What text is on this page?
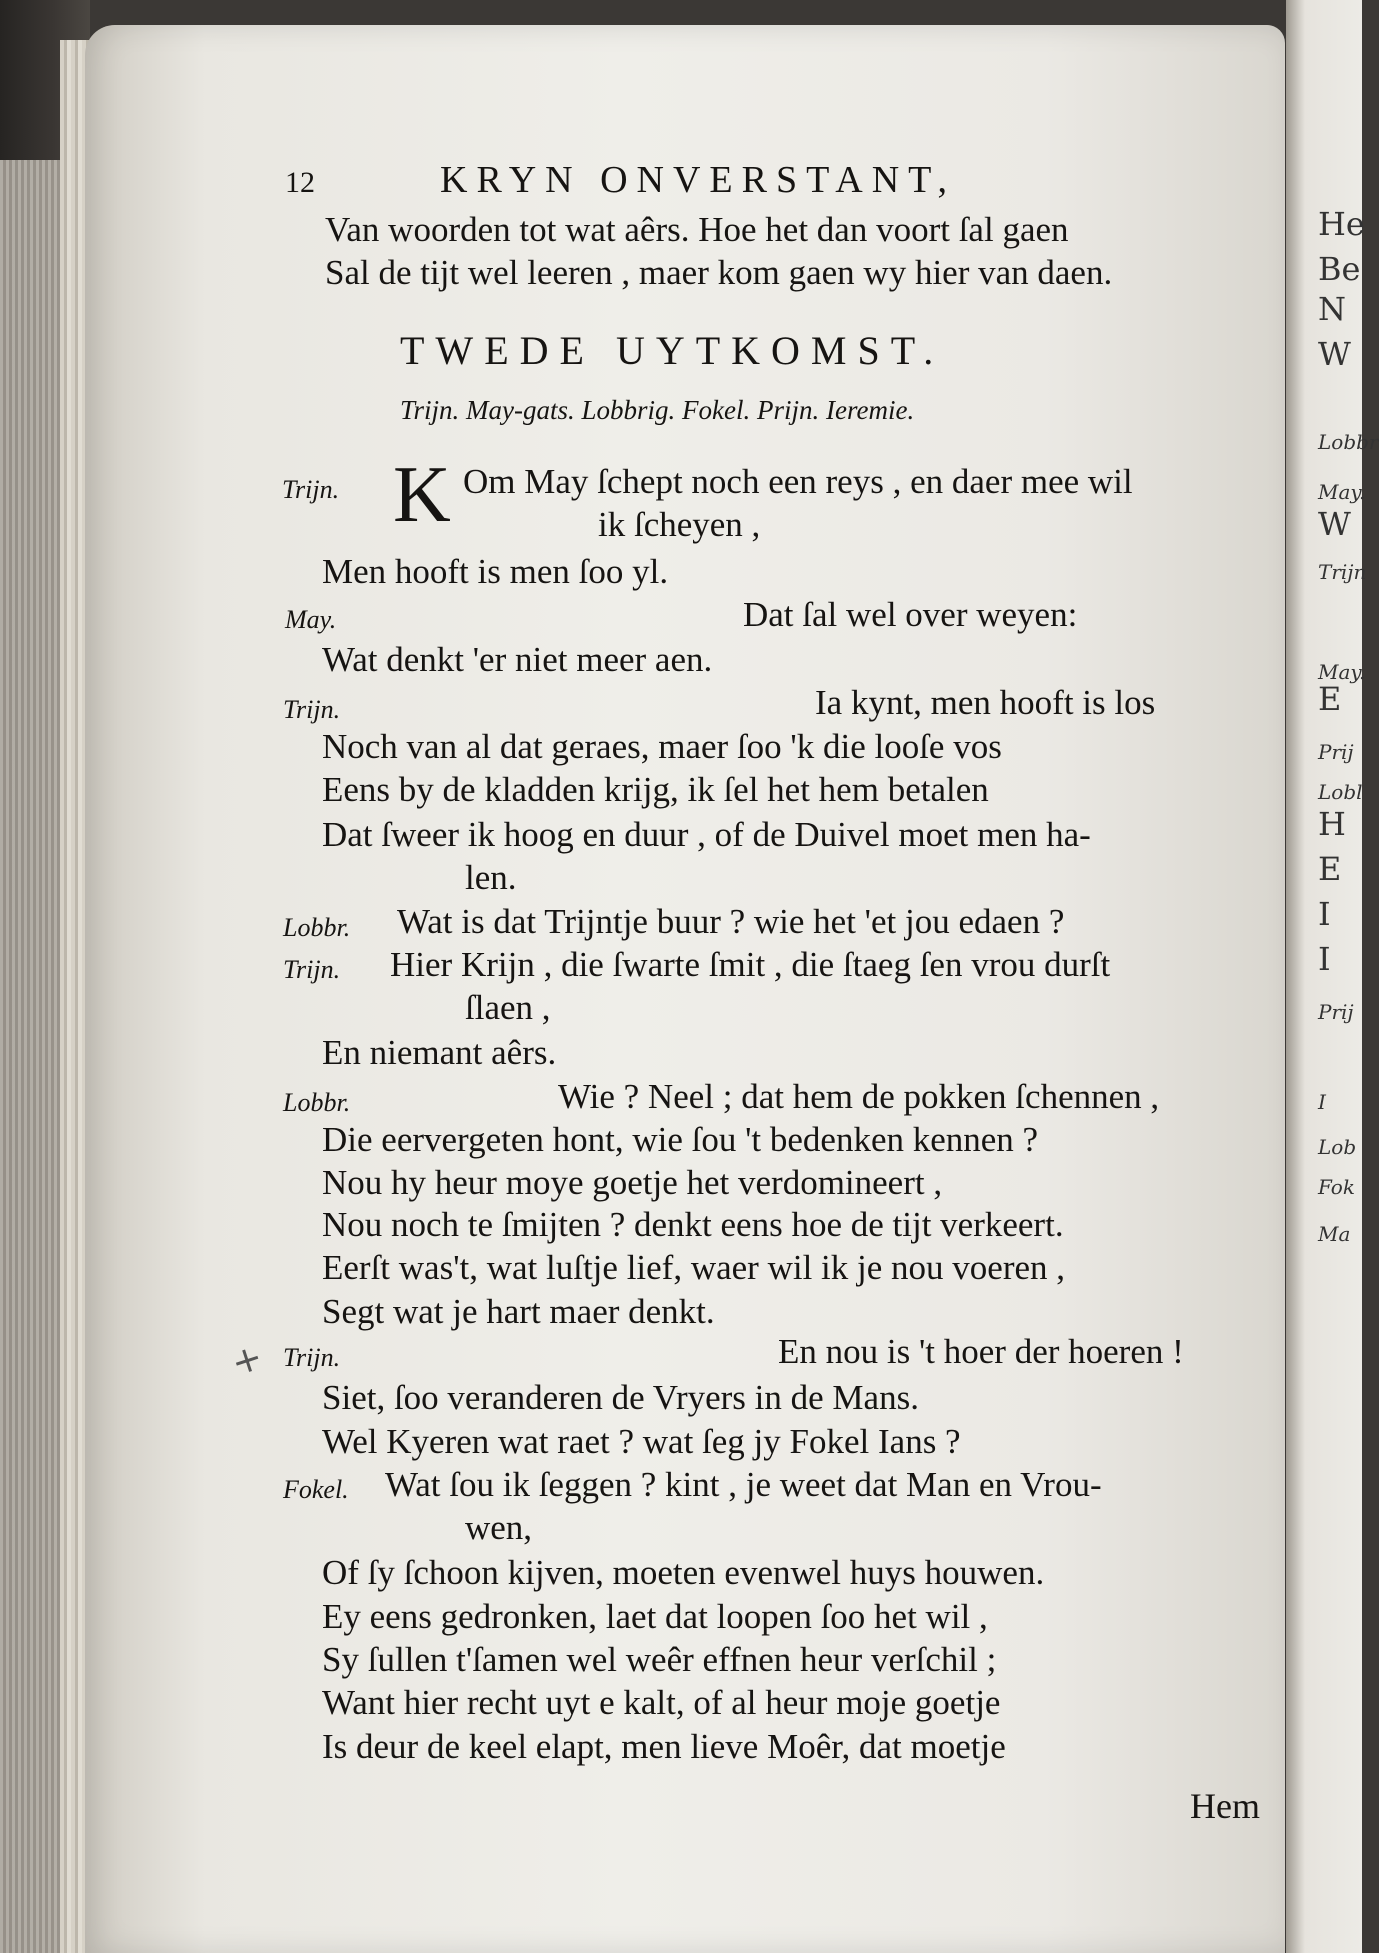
He
Be
N
W
Lobbr
May.
W
Trijn
May.
E
Prij
Lobl
H
E
I
I
Prij
I
Lob
Fok
Ma
12	KRYN ONVERSTANT,
Van woorden tot wat aêrs. Hoe het dan voort ſal gaen
Sal de tijt wel leeren , maer kom gaen wy hier van daen.
TWEDE UYTKOMST.
Trijn. May-gats. Lobbrig. Fokel. Prijn. Ieremie.
Trijn. K Om May ſchept noch een reys , en daer mee wil
ik ſcheyen ,
Men hooft is men ſoo yl.
May.	Dat ſal wel over weyen:
Wat denkt 'er niet meer aen.
Trijn.	Ia kynt, men hooft is los
Noch van al dat geraes, maer ſoo 'k die looſe vos
Eens by de kladden krijg, ik ſel het hem betalen
Dat ſweer ik hoog en duur , of de Duivel moet men ha-
len.
Lobbr. Wat is dat Trijntje buur ? wie het 'et jou edaen ?
Trijn. Hier Krijn , die ſwarte ſmit , die ſtaeg ſen vrou durſt
ſlaen ,
En niemant aêrs.
Lobbr.	Wie ? Neel ; dat hem de pokken ſchennen ,
Die eervergeten hont, wie ſou 't bedenken kennen ?
Nou hy heur moye goetje het verdomineert ,
Nou noch te ſmijten ? denkt eens hoe de tijt verkeert.
Eerſt was't, wat luſtje lief, waer wil ik je nou voeren ,
Segt wat je hart maer denkt.
+ Trijn.	En nou is 't hoer der hoeren !
Siet, ſoo veranderen de Vryers in de Mans.
Wel Kyeren wat raet ? wat ſeg jy Fokel Ians ?
Fokel. Wat ſou ik ſeggen ? kint , je weet dat Man en Vrou-
wen,
Of ſy ſchoon kijven, moeten evenwel huys houwen.
Ey eens gedronken, laet dat loopen ſoo het wil ,
Sy ſullen t'ſamen wel weêr effnen heur verſchil ;
Want hier recht uyt e kalt, of al heur moje goetje
Is deur de keel elapt, men lieve Moêr, dat moetje
Hem
